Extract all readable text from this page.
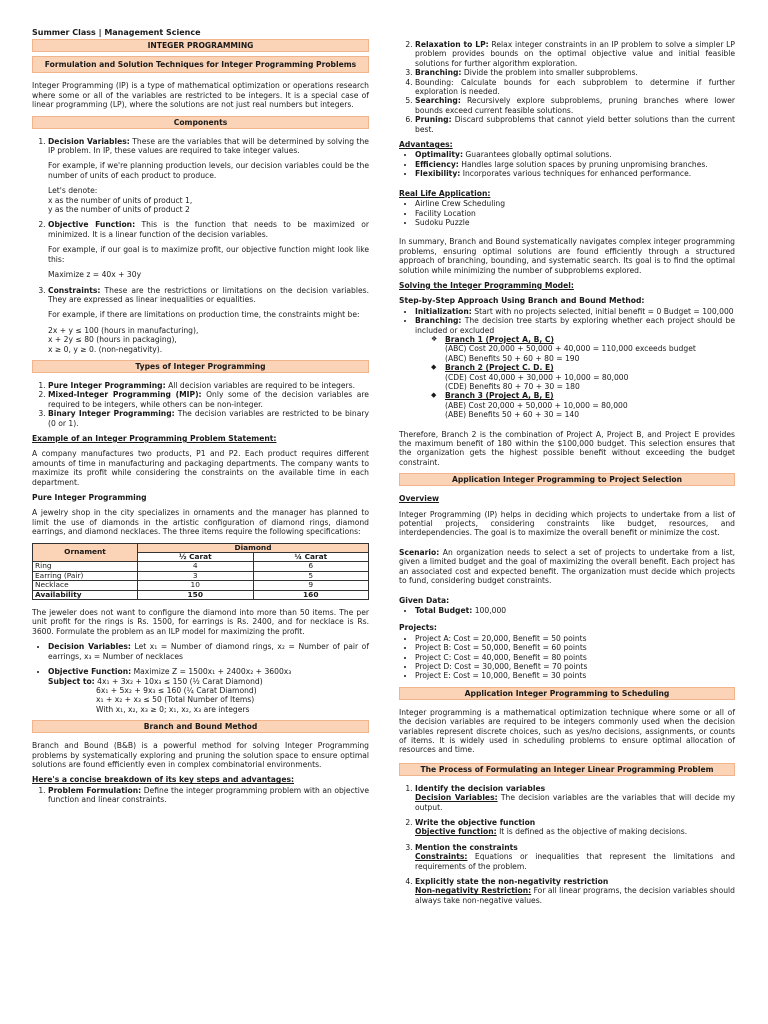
Summer Class | Management Science
INTEGER PROGRAMMING
Formulation and Solution Techniques for Integer Programming Problems

Integer Programming (IP) is a type of mathematical optimization or operations research where some or all of the variables are restricted to be integers. It is a special case of linear programming (LP), where the solutions are not just real numbers but integers.

Components
1. Decision Variables: These are the variables that will be determined by solving the IP problem. In IP, these values are required to take integer values.
For example, if we're planning production levels, our decision variables could be the number of units of each product to produce.
Let's denote:
x as the number of units of product 1,
y as the number of units of product 2
2. Objective Function: This is the function that needs to be maximized or minimized. It is a linear function of the decision variables.
For example, if our goal is to maximize profit, our objective function might look like this:
Maximize z = 40x + 30y
3. Constraints: These are the restrictions or limitations on the decision variables. They are expressed as linear inequalities or equalities.
For example, if there are limitations on production time, the constraints might be:
2x + y ≤ 100 (hours in manufacturing),
x + 2y ≤ 80 (hours in packaging),
x ≥ 0, y ≥ 0. (non-negativity).
Types of Integer Programming
1. Pure Integer Programming: All decision variables are required to be integers.
2. Mixed-Integer Programming (MIP): Only some of the decision variables are required to be integers, while others can be non-integer.
3. Binary Integer Programming: The decision variables are restricted to be binary (0 or 1).
Example of an Integer Programming Problem Statement:

A company manufactures two products, P1 and P2. Each product requires different amounts of time in manufacturing and packaging departments. The company wants to maximize its profit while considering the constraints on the available time in each department.

Pure Integer Programming

A jewelry shop in the city specializes in ornaments and the manager has planned to limit the use of diamonds in the artistic configuration of diamond rings, diamond earrings, and diamond necklaces. The three items require the following specifications:

Ornament	Diamond	
	½ Carat	¼ Carat
Ring	4	6
Earring (Pair)	3	5
Necklace	10	9
Availability	150	160

The jeweler does not want to configure the diamond into more than 50 items. The per unit profit for the rings is Rs. 1500, for earrings is Rs. 2400, and for necklace is Rs. 3600. Formulate the problem as an ILP model for maximizing the profit.

• Decision Variables: Let x₁ = Number of diamond rings, x₂ = Number of pair of earrings, x₃ = Number of necklaces
• Objective Function: Maximize Z = 1500x₁ + 2400x₂ + 3600x₃
Subject to: 4x₁ + 3x₂ + 10x₃ ≤ 150 (½ Carat Diamond)
6x₁ + 5x₂ + 9x₃ ≤ 160 (¼ Carat Diamond)
x₁ + x₂ + x₃ ≤ 50 (Total Number of Items)
With x₁, x₂, x₃ ≥ 0; x₁, x₂, x₃ are integers
Branch and Bound Method

Branch and Bound (B&B) is a powerful method for solving Integer Programming problems by systematically exploring and pruning the solution space to ensure optimal solutions are found efficiently even in complex combinatorial environments.

Here's a concise breakdown of its key steps and advantages:
1. Problem Formulation: Define the integer programming problem with an objective function and linear constraints.
2. Relaxation to LP: Relax integer constraints in an IP problem to solve a simpler LP problem provides bounds on the optimal objective value and initial feasible solutions for further algorithm exploration.
3. Branching: Divide the problem into smaller subproblems.
4. Bounding: Calculate bounds for each subproblem to determine if further exploration is needed.
5. Searching: Recursively explore subproblems, pruning branches where lower bounds exceed current feasible solutions.
6. Pruning: Discard subproblems that cannot yield better solutions than the current best.
Advantages:
• Optimality: Guarantees globally optimal solutions.
• Efficiency: Handles large solution spaces by pruning unpromising branches.
• Flexibility: Incorporates various techniques for enhanced performance.
Real Life Application:
• Airline Crew Scheduling
• Facility Location
• Sudoku Puzzle

In summary, Branch and Bound systematically navigates complex integer programming problems, ensuring optimal solutions are found efficiently through a structured approach of branching, bounding, and systematic search. Its goal is to find the optimal solution while minimizing the number of subproblems explored.

Solving the Integer Programming Model:
Step-by-Step Approach Using Branch and Bound Method:
• Initialization: Start with no projects selected, initial benefit = 0 Budget = 100,000
• Branching: The decision tree starts by exploring whether each project should be included or excluded
❖ Branch 1 (Project A, B, C)
(ABC) Cost 20,000 + 50,000 + 40,000 = 110,000 exceeds budget
(ABC) Benefits 50 + 60 + 80 = 190
◆ Branch 2 (Project C. D. E)
(CDE) Cost 40,000 + 30,000 + 10,000 = 80,000
(CDE) Benefits 80 + 70 + 30 = 180
◆ Branch 3 (Project A, B, E)
(ABE) Cost 20,000 + 50,000 + 10,000 = 80,000
(ABE) Benefits 50 + 60 + 30 = 140

Therefore, Branch 2 is the combination of Project A, Project B, and Project E provides the maximum benefit of 180 within the $100,000 budget. This selection ensures that the organization gets the highest possible benefit without exceeding the budget constraint.

Application Integer Programming to Project Selection
Overview

Integer Programming (IP) helps in deciding which projects to undertake from a list of potential projects, considering constraints like budget, resources, and interdependencies. The goal is to maximize the overall benefit or minimize the cost.

Scenario: An organization needs to select a set of projects to undertake from a list, given a limited budget and the goal of maximizing the overall benefit. Each project has an associated cost and expected benefit. The organization must decide which projects to fund, considering budget constraints.

Given Data:
• Total Budget: 100,000
Projects:
• Project A: Cost = 20,000, Benefit = 50 points
• Project B: Cost = 50,000, Benefit = 60 points
• Project C: Cost = 40,000, Benefit = 80 points
• Project D: Cost = 30,000, Benefit = 70 points
• Project E: Cost = 10,000, Benefit = 30 points
Application Integer Programming to Scheduling

Integer programming is a mathematical optimization technique where some or all of the decision variables are required to be integers commonly used when the decision variables represent discrete choices, such as yes/no decisions, assignments, or counts of items. It is widely used in scheduling problems to ensure optimal allocation of resources and time.

The Process of Formulating an Integer Linear Programming Problem
1. Identify the decision variables
Decision Variables: The decision variables are the variables that will decide my output.
2. Write the objective function
Objective function: It is defined as the objective of making decisions.
3. Mention the constraints
Constraints: Equations or inequalities that represent the limitations and requirements of the problem.
4. Explicitly state the non-negativity restriction
Non-negativity Restriction: For all linear programs, the decision variables should always take non-negative values.
